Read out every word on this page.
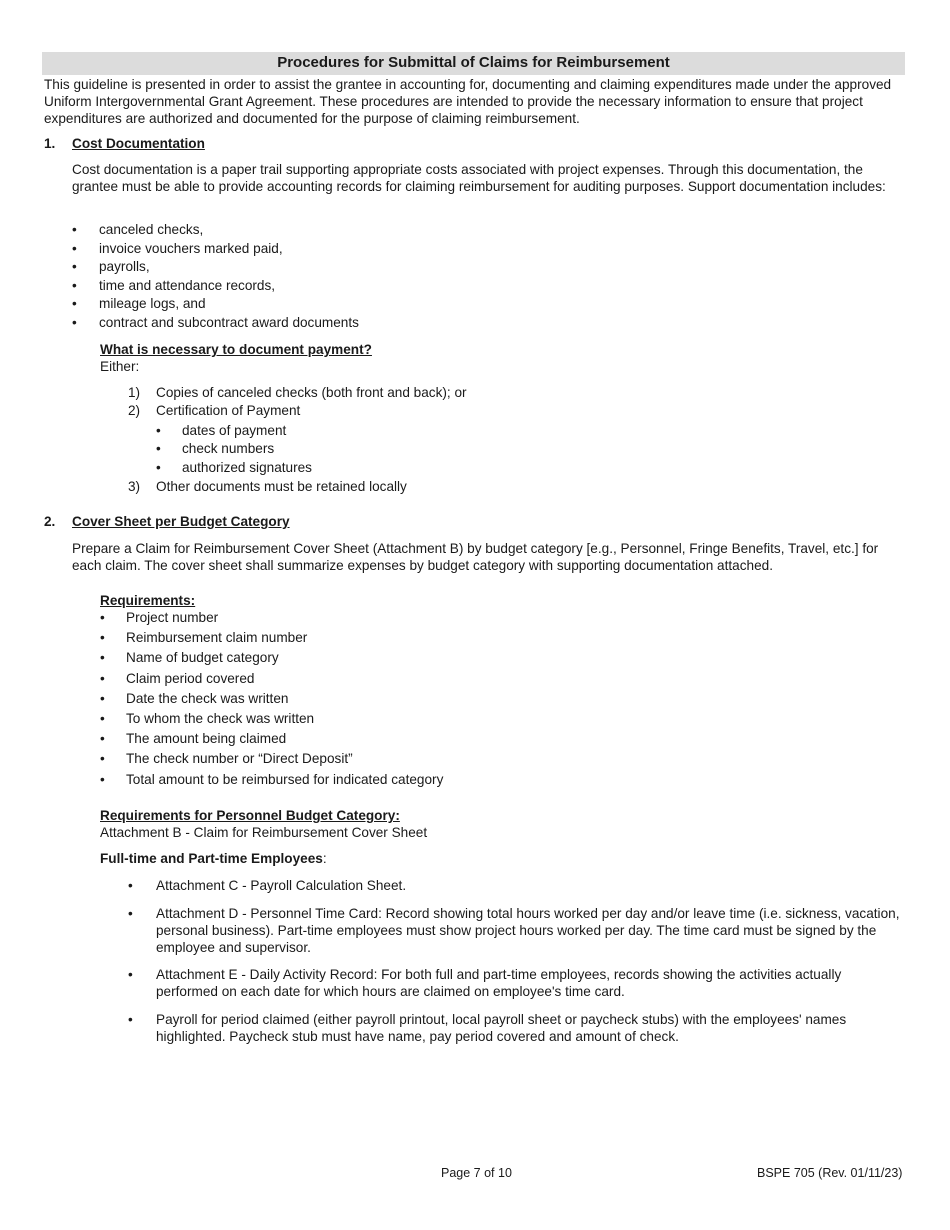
Procedures for Submittal of Claims for Reimbursement
This guideline is presented in order to assist the grantee in accounting for, documenting and claiming expenditures made under the approved Uniform Intergovernmental Grant Agreement. These procedures are intended to provide the necessary information to ensure that project expenditures are authorized and documented for the purpose of claiming reimbursement.
1. Cost Documentation
Cost documentation is a paper trail supporting appropriate costs associated with project expenses. Through this documentation, the grantee must be able to provide accounting records for claiming reimbursement for auditing purposes. Support documentation includes:
• canceled checks,
• invoice vouchers marked paid,
• payrolls,
• time and attendance records,
• mileage logs, and
• contract and subcontract award documents
What is necessary to document payment?
Either:
1) Copies of canceled checks (both front and back); or
2) Certification of Payment
• dates of payment
• check numbers
• authorized signatures
3) Other documents must be retained locally
2. Cover Sheet per Budget Category
Prepare a Claim for Reimbursement Cover Sheet (Attachment B) by budget category [e.g., Personnel, Fringe Benefits, Travel, etc.] for each claim. The cover sheet shall summarize expenses by budget category with supporting documentation attached.
Requirements:
• Project number
• Reimbursement claim number
• Name of budget category
• Claim period covered
• Date the check was written
• To whom the check was written
• The amount being claimed
• The check number or “Direct Deposit”
• Total amount to be reimbursed for indicated category
Requirements for Personnel Budget Category:
Attachment B - Claim for Reimbursement Cover Sheet
Full-time and Part-time Employees:
• Attachment C - Payroll Calculation Sheet.
• Attachment D - Personnel Time Card: Record showing total hours worked per day and/or leave time (i.e. sickness, vacation, personal business). Part-time employees must show project hours worked per day. The time card must be signed by the employee and supervisor.
• Attachment E - Daily Activity Record: For both full and part-time employees, records showing the activities actually performed on each date for which hours are claimed on employee's time card.
• Payroll for period claimed (either payroll printout, local payroll sheet or paycheck stubs) with the employees' names highlighted. Paycheck stub must have name, pay period covered and amount of check.
Page 7 of 10	BSPE 705 (Rev. 01/11/23)
